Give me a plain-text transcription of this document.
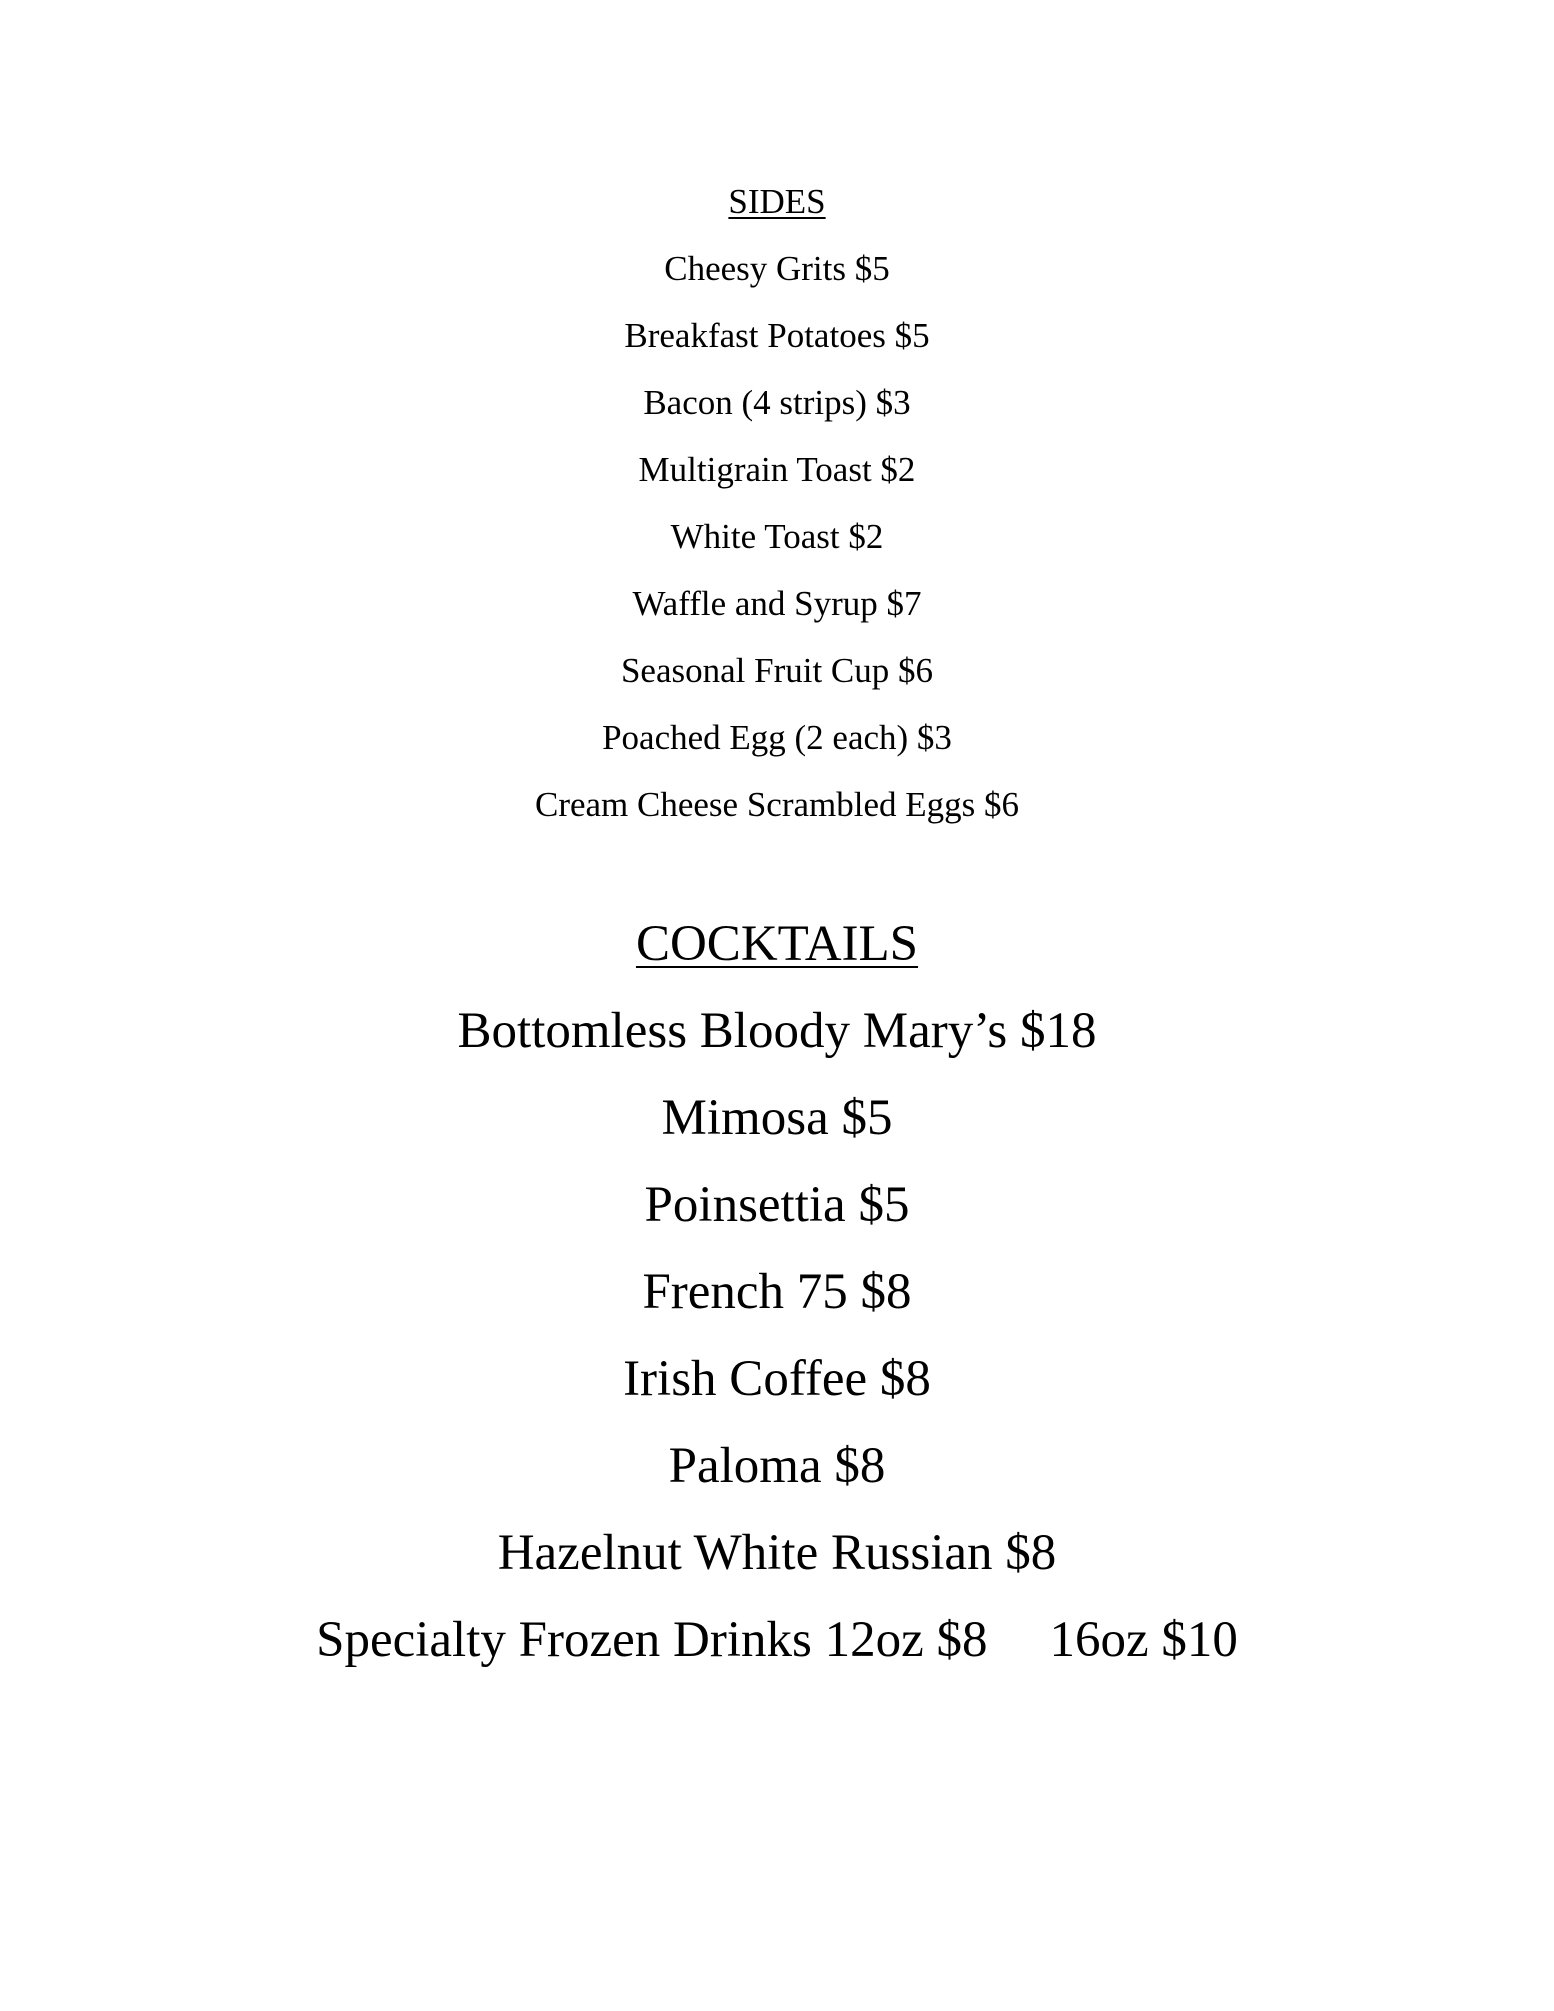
SIDES
Cheesy Grits $5
Breakfast Potatoes $5
Bacon (4 strips) $3
Multigrain Toast $2
White Toast $2
Waffle and Syrup $7
Seasonal Fruit Cup $6
Poached Egg (2 each) $3
Cream Cheese Scrambled Eggs $6
COCKTAILS
Bottomless Bloody Mary’s $18
Mimosa $5
Poinsettia $5
French 75 $8
Irish Coffee $8
Paloma $8
Hazelnut White Russian $8
Specialty Frozen Drinks 12oz $8 16oz $10
